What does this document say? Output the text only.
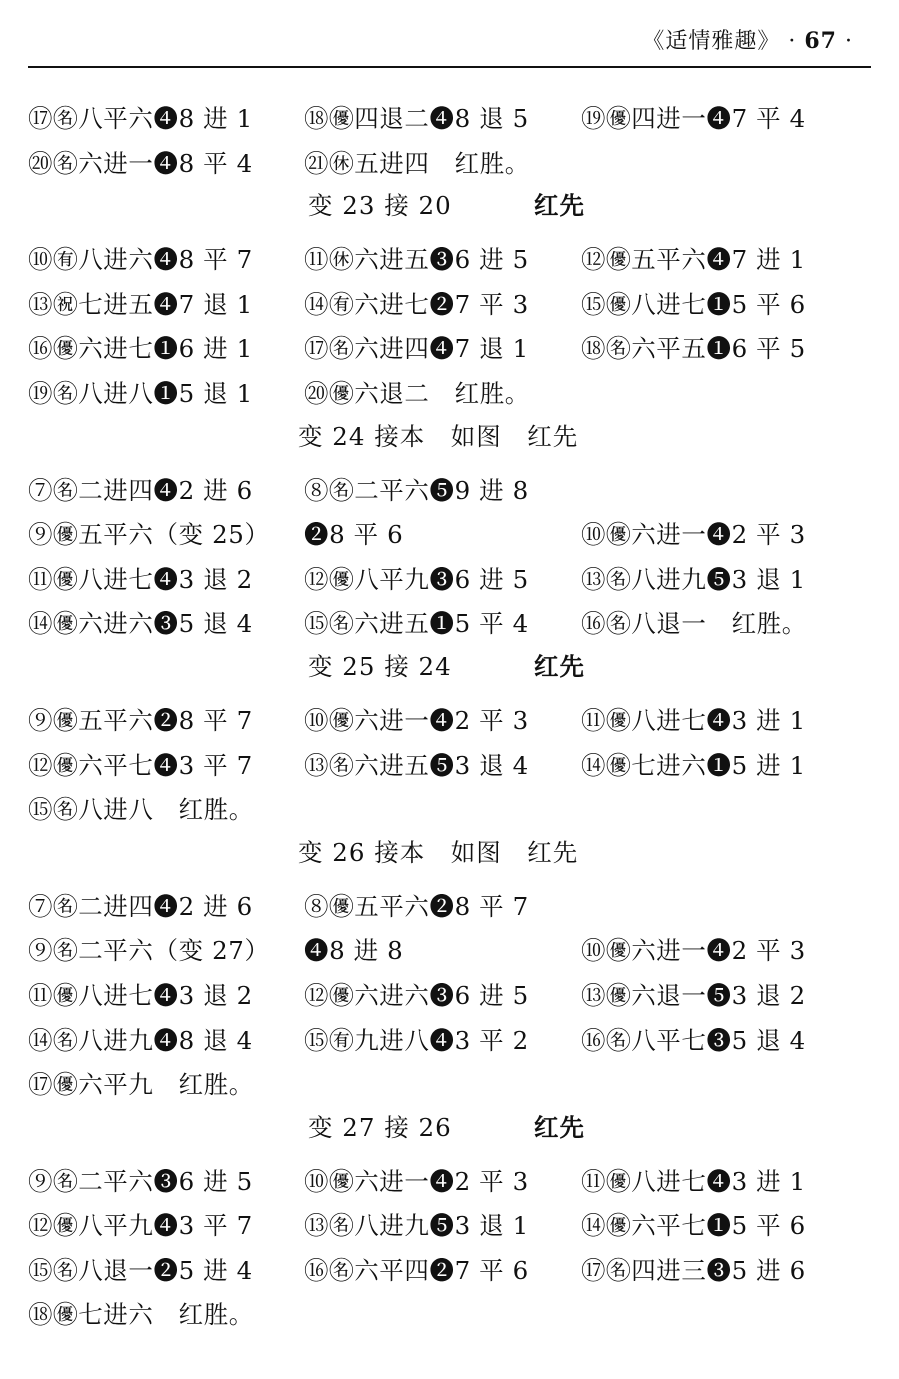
《适情雅趣》 · 67 ·
⑰㊔八平六❹8 进 1 ⑱㊝四退二❹8 退 5 ⑲㊝四进一❹7 平 4
⑳㊔六进一❹8 平 4 ㉑㊡五进四　红胜。
变 23 接 20	红先
⑩㊒八进六❹8 平 7 ⑪㊡六进五❸6 进 5 ⑫㊝五平六❹7 进 1
⑬㊗七进五❹7 退 1 ⑭㊒六进七❷7 平 3 ⑮㊝八进七❶5 平 6
⑯㊝六进七❶6 进 1 ⑰㊔六进四❹7 退 1 ⑱㊔六平五❶6 平 5
⑲㊔八进八❶5 退 1 ⑳㊝六退二　红胜。
变 24 接本　如图　红先
⑦㊔二进四❹2 进 6 ⑧㊔二平六❺9 进 8
⑨㊝五平六（变 25） ❷8 平 6	⑩㊝六进一❹2 平 3
⑪㊝八进七❹3 退 2 ⑫㊝八平九❸6 进 5 ⑬㊔八进九❺3 退 1
⑭㊝六进六❸5 退 4 ⑮㊔六进五❶5 平 4 ⑯㊔八退一　红胜。
变 25 接 24	红先
⑨㊝五平六❷8 平 7 ⑩㊝六进一❹2 平 3 ⑪㊝八进七❹3 进 1
⑫㊝六平七❹3 平 7 ⑬㊔六进五❺3 退 4 ⑭㊝七进六❶5 进 1
⑮㊔八进八　红胜。
变 26 接本　如图　红先
⑦㊔二进四❹2 进 6 ⑧㊝五平六❷8 平 7
⑨㊔二平六（变 27） ❹8 进 8	⑩㊝六进一❹2 平 3
⑪㊝八进七❹3 退 2 ⑫㊝六进六❸6 进 5 ⑬㊝六退一❺3 退 2
⑭㊔八进九❹8 退 4 ⑮㊒九进八❹3 平 2 ⑯㊔八平七❸5 退 4
⑰㊝六平九　红胜。
变 27 接 26	红先
⑨㊔二平六❸6 进 5 ⑩㊝六进一❹2 平 3 ⑪㊝八进七❹3 进 1
⑫㊝八平九❹3 平 7 ⑬㊔八进九❺3 退 1 ⑭㊝六平七❶5 平 6
⑮㊔八退一❷5 进 4 ⑯㊔六平四❷7 平 6 ⑰㊔四进三❸5 进 6
⑱㊝七进六　红胜。
